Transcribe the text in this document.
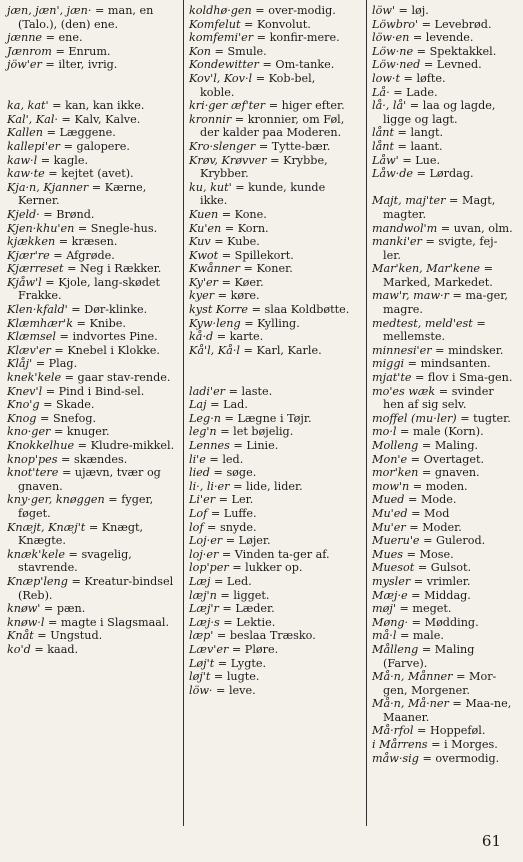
jæn, jæn', jæn· = man, en (Talo.), (den) ene.
jænne = ene.
Jænrom = Enrum.
jöw'er = ilter, ivrig.
ka, kat' = kan, kan ikke.
Kal', Kal· = Kalv, Kalve.
Kallen = Læggene.
kallepi'er = galopere.
kaw·l = kagle.
kaw·te = kejtet (avet).
Kja·n, Kjanner = Kærne, Kerner.
Kjeld· = Brønd.
Kjen·khu'en = Snegle-hus.
kjækken = kræsen.
Kjær're = Afgrøde.
Kjærreset = Neg i Rækker.
Kjåw'l = Kjole, lang-skødet Frakke.
Klen·kfald' = Dør-klinke.
Klæmhær'k = Knibe.
Klæmsel = indvortes Pine.
Klæv'er = Knebel i Klokke.
Klåj' = Plag.
knek'kele = gaar stav-rende.
Knev'l = Pind i Bind-sel.
Kno'g = Skade.
Knog = Snefog.
kno·ger = knuger.
Knokkelhue = Kludre-mikkel.
knop'pes = skændes.
knot'tere = ujævn, tvær og gnaven.
kny·ger, knøggen = fyger, føget.
Knæjt, Knæj't = Knægt, Knægte.
knæk'kele = svagelig, stavrende.
Knæp'leng = Kreatur-bindsel (Reb).
knøw' = pæn.
knøw·l = magte i Slagsmaal.
Knåt = Ungstud.
ko'd = kaad.
koldhø·gen = over-modig.
Komfelut = Konvolut.
komfemi'er = konfir-mere.
Kon = Smule.
Kondewitter = Om-tanke.
Kov'l, Kov·l = Kob-bel, koble.
kri·ger æf'ter = higer efter.
kronnir = kronnier, om Føl, der kalder paa Moderen.
Kro·slenger = Tytte-bær.
Krøv, Krøvver = Krybbe, Krybber.
ku, kut' = kunde, kunde ikke.
Kuen = Kone.
Ku'en = Korn.
Kuv = Kube.
Kwot = Spillekort.
Kwånner = Koner.
Ky'er = Køer.
kyer = køre.
kyst Korre = slaa Koldbøtte.
Kyw·leng = Kylling.
kå·d = karte.
Kå'l, Kå·l = Karl, Karle.
ladi'er = laste.
Laj = Lad.
Leg·n = Lægne i Tøjr.
leg'n = let bøjelig.
Lennes = Linie.
li'e = led.
lied = søge.
li·, li·er = lide, lider.
Li'er = Ler.
Lof = Luffe.
lof = snyde.
Loj·er = Løjer.
loj·er = Vinden ta-ger af.
lop'per = lukker op.
Læj = Led.
læj'n = ligget.
Læj'r = Læder.
Læj·s = Lektie.
læp' = beslaa Træsko.
Læv'er = Pløre.
Løj't = Lygte.
løj't = lugte.
löw· = leve.
löw' = løj.
Löwbro' = Levebrød.
löw·en = levende.
Löw·ne = Spektakkel.
Löw·ned = Levned.
low·t = løfte.
Lå· = Lade.
lå·, lå' = laa og lagde, ligge og lagt.
lånt = langt.
lånt = laant.
Låw' = Lue.
Låw·de = Lørdag.
Majt, maj'ter = Magt, magter.
mandwol'm = uvan, olm.
manki'er = svigte, fej-ler.
Mar'ken, Mar'kene = Marked, Markedet.
maw'r, maw·r = ma-ger, magre.
medtest, meld'est = mellemste.
minnesi'er = mindsker.
miggi = mindsanten.
mjat'te = flov i Sma-gen.
mo'es wæk = svinder hen af sig selv.
moffel (mu·ler) = tugter.
mo·l = male (Korn).
Molleng = Maling.
Mon'e = Overtaget.
mor'ken = gnaven.
mow'n = moden.
Mued = Mode.
Mu'ed = Mod
Mu'er = Moder.
Mueru'e = Gulerod.
Mues = Mose.
Muesot = Gulsot.
mysler = vrimler.
Mæj·e = Middag.
møj' = meget.
Møng· = Mødding.
må·l = male.
Målleng = Maling (Farve).
Må·n, Månner = Mor-gen, Morgener.
Må·n, Må·ner = Maa-ne, Maaner.
Må·rfol = Hoppeføl.
i Mårrens = i Morges.
måw·sig = overmodig.
61
